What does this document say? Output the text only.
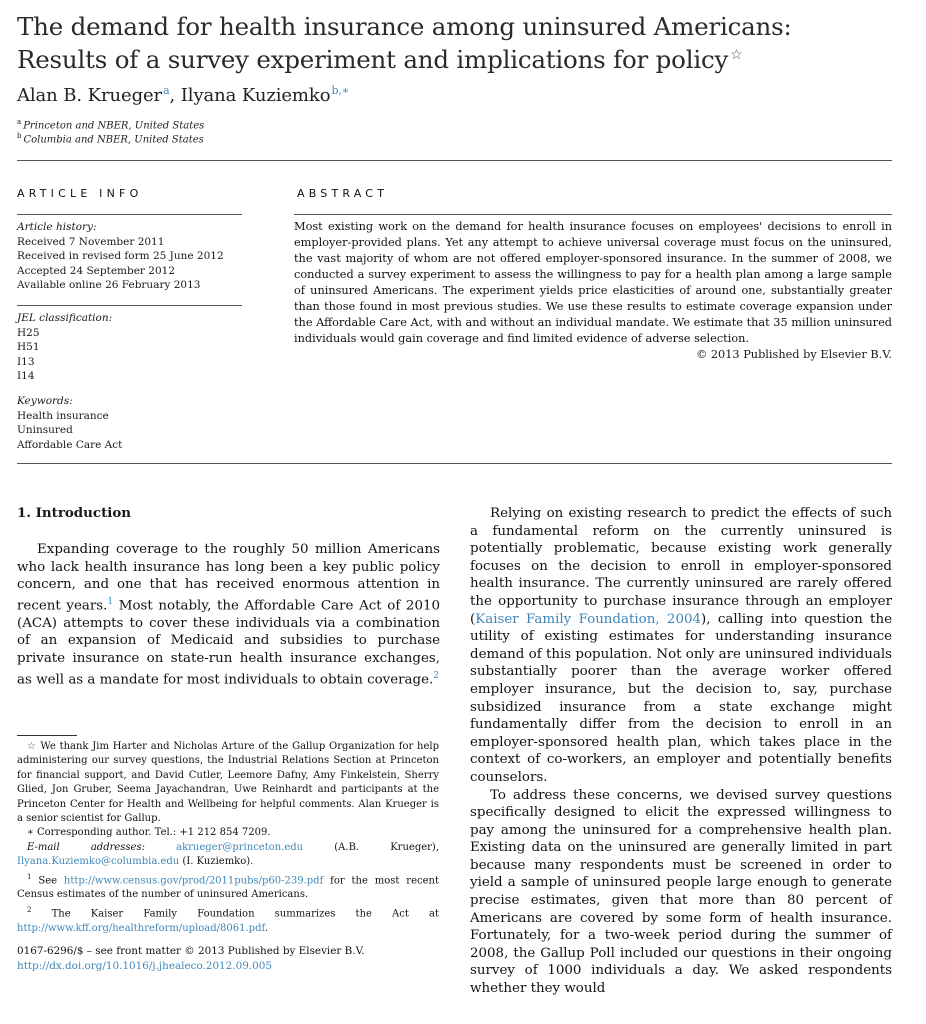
The demand for health insurance among uninsured Americans:
Results of a survey experiment and implications for policy ☆
Alan B. Krueger$^a$, Ilyana Kuziemko$^{b,∗}$
$^a$ Princeton and NBER, United States
$^b$ Columbia and NBER, United States
ARTICLE INFO
Article history:
Received 7 November 2011
Received in revised form 25 June 2012
Accepted 24 September 2012
Available online 26 February 2013
JEL classification:
H25
H51
I13
I14
Keywords:
Health insurance
Uninsured
Affordable Care Act
ABSTRACT
Most existing work on the demand for health insurance focuses on employees' decisions to enroll in employer-provided plans. Yet any attempt to achieve universal coverage must focus on the uninsured, the vast majority of whom are not offered employer-sponsored insurance. In the summer of 2008, we conducted a survey experiment to assess the willingness to pay for a health plan among a large sample of uninsured Americans. The experiment yields price elasticities of around one, substantially greater than those found in most previous studies. We use these results to estimate coverage expansion under the Affordable Care Act, with and without an individual mandate. We estimate that 35 million uninsured individuals would gain coverage and find limited evidence of adverse selection.
© 2013 Published by Elsevier B.V.
1. Introduction

Expanding coverage to the roughly 50 million Americans who lack health insurance has long been a key public policy concern, and one that has received enormous attention in recent years.$^1$ Most notably, the Affordable Care Act of 2010 (ACA) attempts to cover these individuals via a combination of an expansion of Medicaid and subsidies to purchase private insurance on state-run health insurance exchanges, as well as a mandate for most individuals to obtain coverage.$^2$

Relying on existing research to predict the effects of such a fundamental reform on the currently uninsured is potentially problematic, because existing work generally focuses on the decision to enroll in employer-sponsored health insurance. The currently uninsured are rarely offered the opportunity to purchase insurance through an employer (Kaiser Family Foundation, 2004), calling into question the utility of existing estimates for understanding insurance demand of this population. Not only are uninsured individuals substantially poorer than the average worker offered employer insurance, but the decision to, say, purchase subsidized insurance from a state exchange might fundamentally differ from the decision to enroll in an employer-sponsored health plan, which takes place in the context of co-workers, an employer and potentially benefits counselors.

To address these concerns, we devised survey questions specifically designed to elicit the expressed willingness to pay among the uninsured for a comprehensive health plan. Existing data on the uninsured are generally limited in part because many respondents must be screened in order to yield a sample of uninsured people large enough to generate precise estimates, given that more than 80 percent of Americans are covered by some form of health insurance. Fortunately, for a two-week period during the summer of 2008, the Gallup Poll included our questions in their ongoing survey of 1000 individuals a day. We asked respondents whether they would

☆ We thank Jim Harter and Nicholas Arture of the Gallup Organization for help administering our survey questions, the Industrial Relations Section at Princeton for financial support, and David Cutler, Leemore Dafny, Amy Finkelstein, Sherry Glied, Jon Gruber, Seema Jayachandran, Uwe Reinhardt and participants at the Princeton Center for Health and Wellbeing for helpful comments. Alan Krueger is a senior scientist for Gallup.

∗ Corresponding author. Tel.: +1 212 854 7209.

E-mail addresses:	akrueger@princeton.edu (A.B. Krueger), Ilyana.Kuziemko@columbia.edu (I. Kuziemko).

$^1$ See http://www.census.gov/prod/2011pubs/p60-239.pdf for the most recent Census estimates of the number of uninsured Americans.

$^2$ The Kaiser Family Foundation summarizes the Act at http://www.kff.org/healthreform/upload/8061.pdf.

0167-6296/$ – see front matter © 2013 Published by Elsevier B.V.
http://dx.doi.org/10.1016/j.jhealeco.2012.09.005
